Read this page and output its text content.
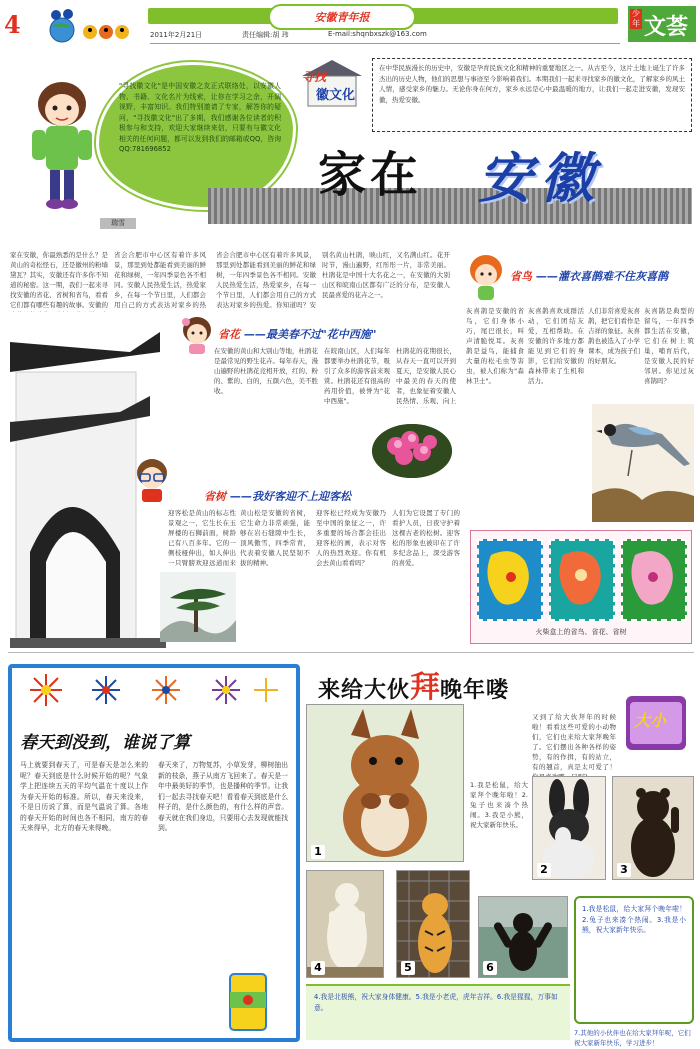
4	安徽青年报
2011年2月21日	责任编辑:胡 玮	E-mail:shqnbxszk@163.com
少年 文荟
"寻找徽文化"是中国安徽之友正式联络处，以安徽人物、书籍、文化名片为线索，让你在学习之余，开阔视野，丰富知识。我们特别邀请了专家，解答你的疑问，"寻找徽文化"出了多期，我们感谢各位读者的积极参与和支持，欢迎大家继续来信，只要有与徽文化相关的任何问题，都可以发到我们的邮箱或QQ，咨询 QQ:781696852
瑞雪
寻找
徽文化
在中华民族漫长的历史中，安徽是孕育民族文化和精神的重要地区之一。从古至今，这片土地上诞生了许多杰出的历史人物，他们的思想与事迹至今影响着我们。本期我们一起来寻找家乡的徽文化，了解家乡的风土人情，感受家乡的魅力。无论你身在何方，家乡永远是心中最温暖的地方，让我们一起走进安徽，发现安徽，热爱安徽。
家在 安徽
家在安徽，你最熟悉的是什么？是黄山的奇松怪石，还是徽州的粉墙黛瓦？其实，安徽还有许多你不知道的秘密。这一期，我们一起来寻找安徽的省花、省树和省鸟，看看它们都有哪些有趣的故事。安徽的
省会合肥市中心区有着许多风景，那里到处都能看到美丽的鲜花和绿树，一年四季景色各不相同。安徽人民热爱生活，热爱家乡，在每一个节日里，人们都会用自己的方式表达对家乡的热
省会合肥市中心区有着许多风景，那里到处都能看到美丽的鲜花和绿树，一年四季景色各不相同。安徽人民热爱生活，热爱家乡，在每一个节日里，人们都会用自己的方式表达对家乡的热爱。你知道吗？安
别名黄山杜鹃，映山红，又名满山红。花开时节，漫山遍野，红彤彤一片，非常美丽。杜鹃花是中国十大名花之一，在安徽的大别山区和皖南山区都有广泛的分布，是安徽人民最喜爱的花卉之一。
省花 ——最美春不过"花中西施"
在安徽的黄山和大别山等地，杜鹃花是最常见的野生花卉。每年春天，漫山遍野的杜鹃花竞相开放，红的、粉的、紫的、白的，五颜六色，美不胜收。
在皖南山区，人们每年都要举办杜鹃花节，吸引了众多的游客前来观赏。杜鹃花还有很高的药用价值，被誉为"花中西施"。
杜鹃花的花期很长，从春天一直可以开到夏天，是安徽人民心中最美的春天的使者，也象征着安徽人民热情、乐观、向上
省树 ——我好客迎不上迎客松
迎客松是黄山的标志性景观之一，它生长在玉屏楼的石狮前面，树龄已有八百多年。它的一侧枝桠伸出，如人伸出一只臂膀欢迎远道而来
黄山松是安徽的省树，它生命力非常顽强，能够在岩石缝隙中生长，顶风傲雪，四季常青，代表着安徽人民坚韧不拔的精神。
迎客松已经成为安徽乃至中国的象征之一，许多重要的场合都会挂出迎客松的画，表示对客人的热烈欢迎。你有机会去黄山看看吗？
人们为它设置了专门的看护人员，日夜守护着这棵古老的松树。迎客松的形象也被印在了许多纪念品上，深受游客的喜爱。
省鸟 ——灌衣喜鹊难不住灰喜鹊
灰喜鹊是安徽的省鸟，它们身体小巧，尾巴很长，叫声清脆悦耳。灰喜鹊是益鸟，能捕食大量的松毛虫等害虫，被人们称为"森林卫士"。
灰喜鹊喜欢成群活动，它们团结友爱，互相帮助。在安徽的许多地方都能见到它们的身影，它们给安徽的森林带来了生机和活力。
人们非常喜爱灰喜鹊，把它们看作是吉祥的象征。灰喜鹊也被选入了小学课本，成为孩子们的好朋友。
灰喜鹊是典型的留鸟，一年四季都生活在安徽，它们在树上筑巢，哺育后代，是安徽人民的好邻居。你见过灰喜鹊吗？
火柴盒上的省鸟、省花、省树
春天到没到，谁说了算
马上就要到春天了，可是春天是怎么来的呢？春天到底是什么时候开始的呢？气象学上把连续五天的平均气温在十度以上作为春天开始的标准。所以，春天来没来，不是日历说了算，而是气温说了算。各地的春天开始的时间也各不相同，南方的春天来得早，北方的春天来得晚。
春天来了，万物复苏，小草发芽，柳树抽出新的枝条，燕子从南方飞回来了。春天是一年中最美好的季节，也是播种的季节。让我们一起去寻找春天吧！看看春天到底是什么样子的，是什么颜色的，有什么样的声音。春天就在我们身边，只要用心去发现就能找到。
来给大伙拜晚年喽
大小
1
又到了给大伙拜年的时候啦！看看这些可爱的小动物们，它们也来给大家拜晚年了。它们摆出各种各样的姿势，有的作揖，有的站立，有的翘首，真是太可爱了！
1.我是松鼠，给大家拜个晚年啦！2.兔子也来凑个热闹。3.我是小熊，祝大家新年快乐。
2	3
4	5	6
1.我是松鼠，给大家拜个晚年啦！2.兔子也来凑个热闹。3.我是小熊，祝大家新年快乐。
4.我是北极熊，祝大家身体健康。5.我是小老虎，虎年吉祥。6.我是猩猩，万事如意。
7.其他的小伙伴也在给大家拜年呢，它们祝大家新年快乐，学习进步！
